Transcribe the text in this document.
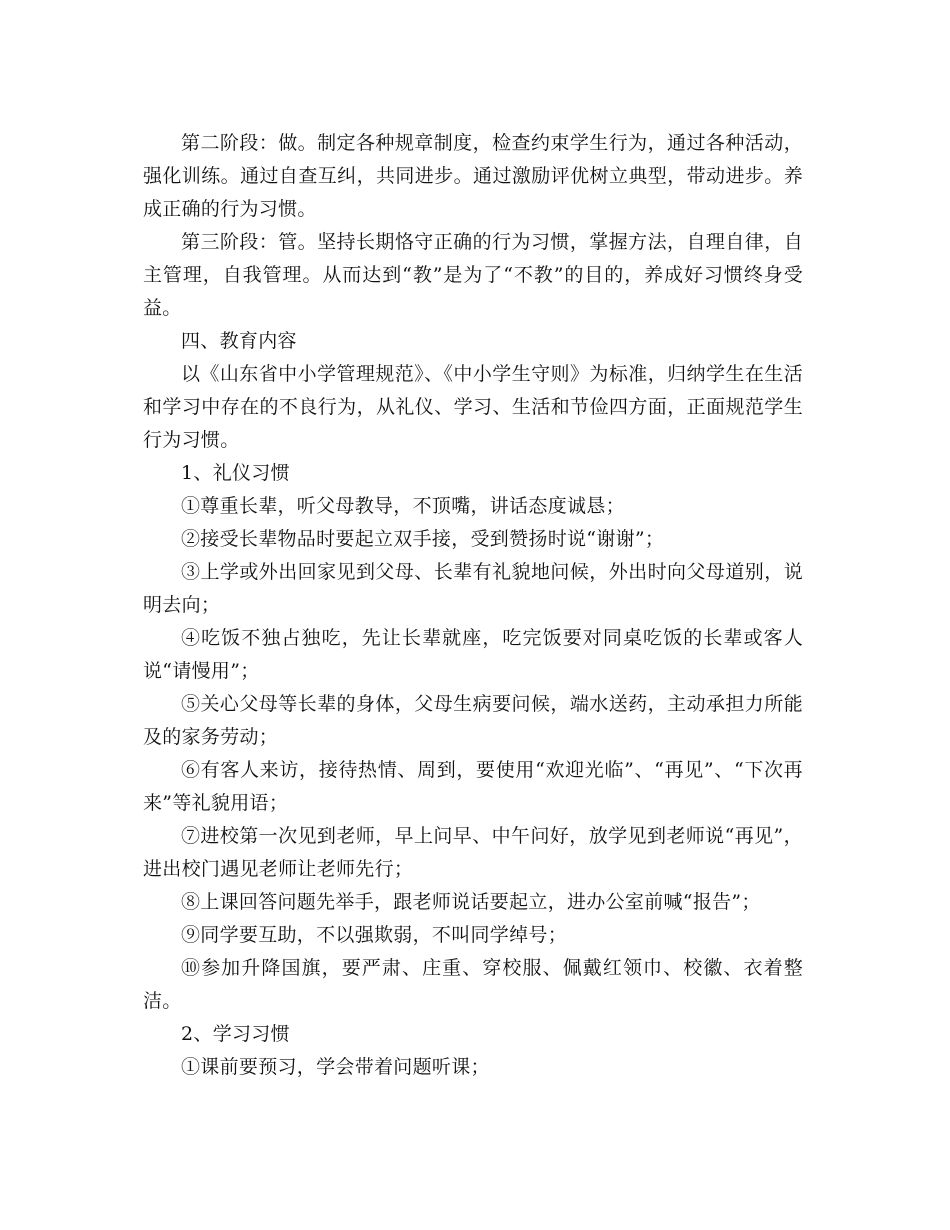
第二阶段：做。制定各种规章制度，检查约束学生行为，通过各种活动，强化训练。通过自查互纠，共同进步。通过激励评优树立典型，带动进步。养成正确的行为习惯。

第三阶段：管。坚持长期恪守正确的行为习惯，掌握方法，自理自律，自主管理，自我管理。从而达到“教”是为了“不教”的目的，养成好习惯终身受益。

四、教育内容

以《山东省中小学管理规范》、《中小学生守则》为标准，归纳学生在生活和学习中存在的不良行为，从礼仪、学习、生活和节俭四方面，正面规范学生行为习惯。

1、礼仪习惯

①尊重长辈，听父母教导，不顶嘴，讲话态度诚恳；

②接受长辈物品时要起立双手接，受到赞扬时说“谢谢”；

③上学或外出回家见到父母、长辈有礼貌地问候，外出时向父母道别，说明去向；

④吃饭不独占独吃，先让长辈就座，吃完饭要对同桌吃饭的长辈或客人说“请慢用”；

⑤关心父母等长辈的身体，父母生病要问候，端水送药，主动承担力所能及的家务劳动；

⑥有客人来访，接待热情、周到，要使用“欢迎光临”、“再见”、“下次再来”等礼貌用语；

⑦进校第一次见到老师，早上问早、中午问好，放学见到老师说“再见”，进出校门遇见老师让老师先行；

⑧上课回答问题先举手，跟老师说话要起立，进办公室前喊“报告”；

⑨同学要互助，不以强欺弱，不叫同学绰号；

⑩参加升降国旗，要严肃、庄重、穿校服、佩戴红领巾、校徽、衣着整洁。

2、学习习惯

①课前要预习，学会带着问题听课；
